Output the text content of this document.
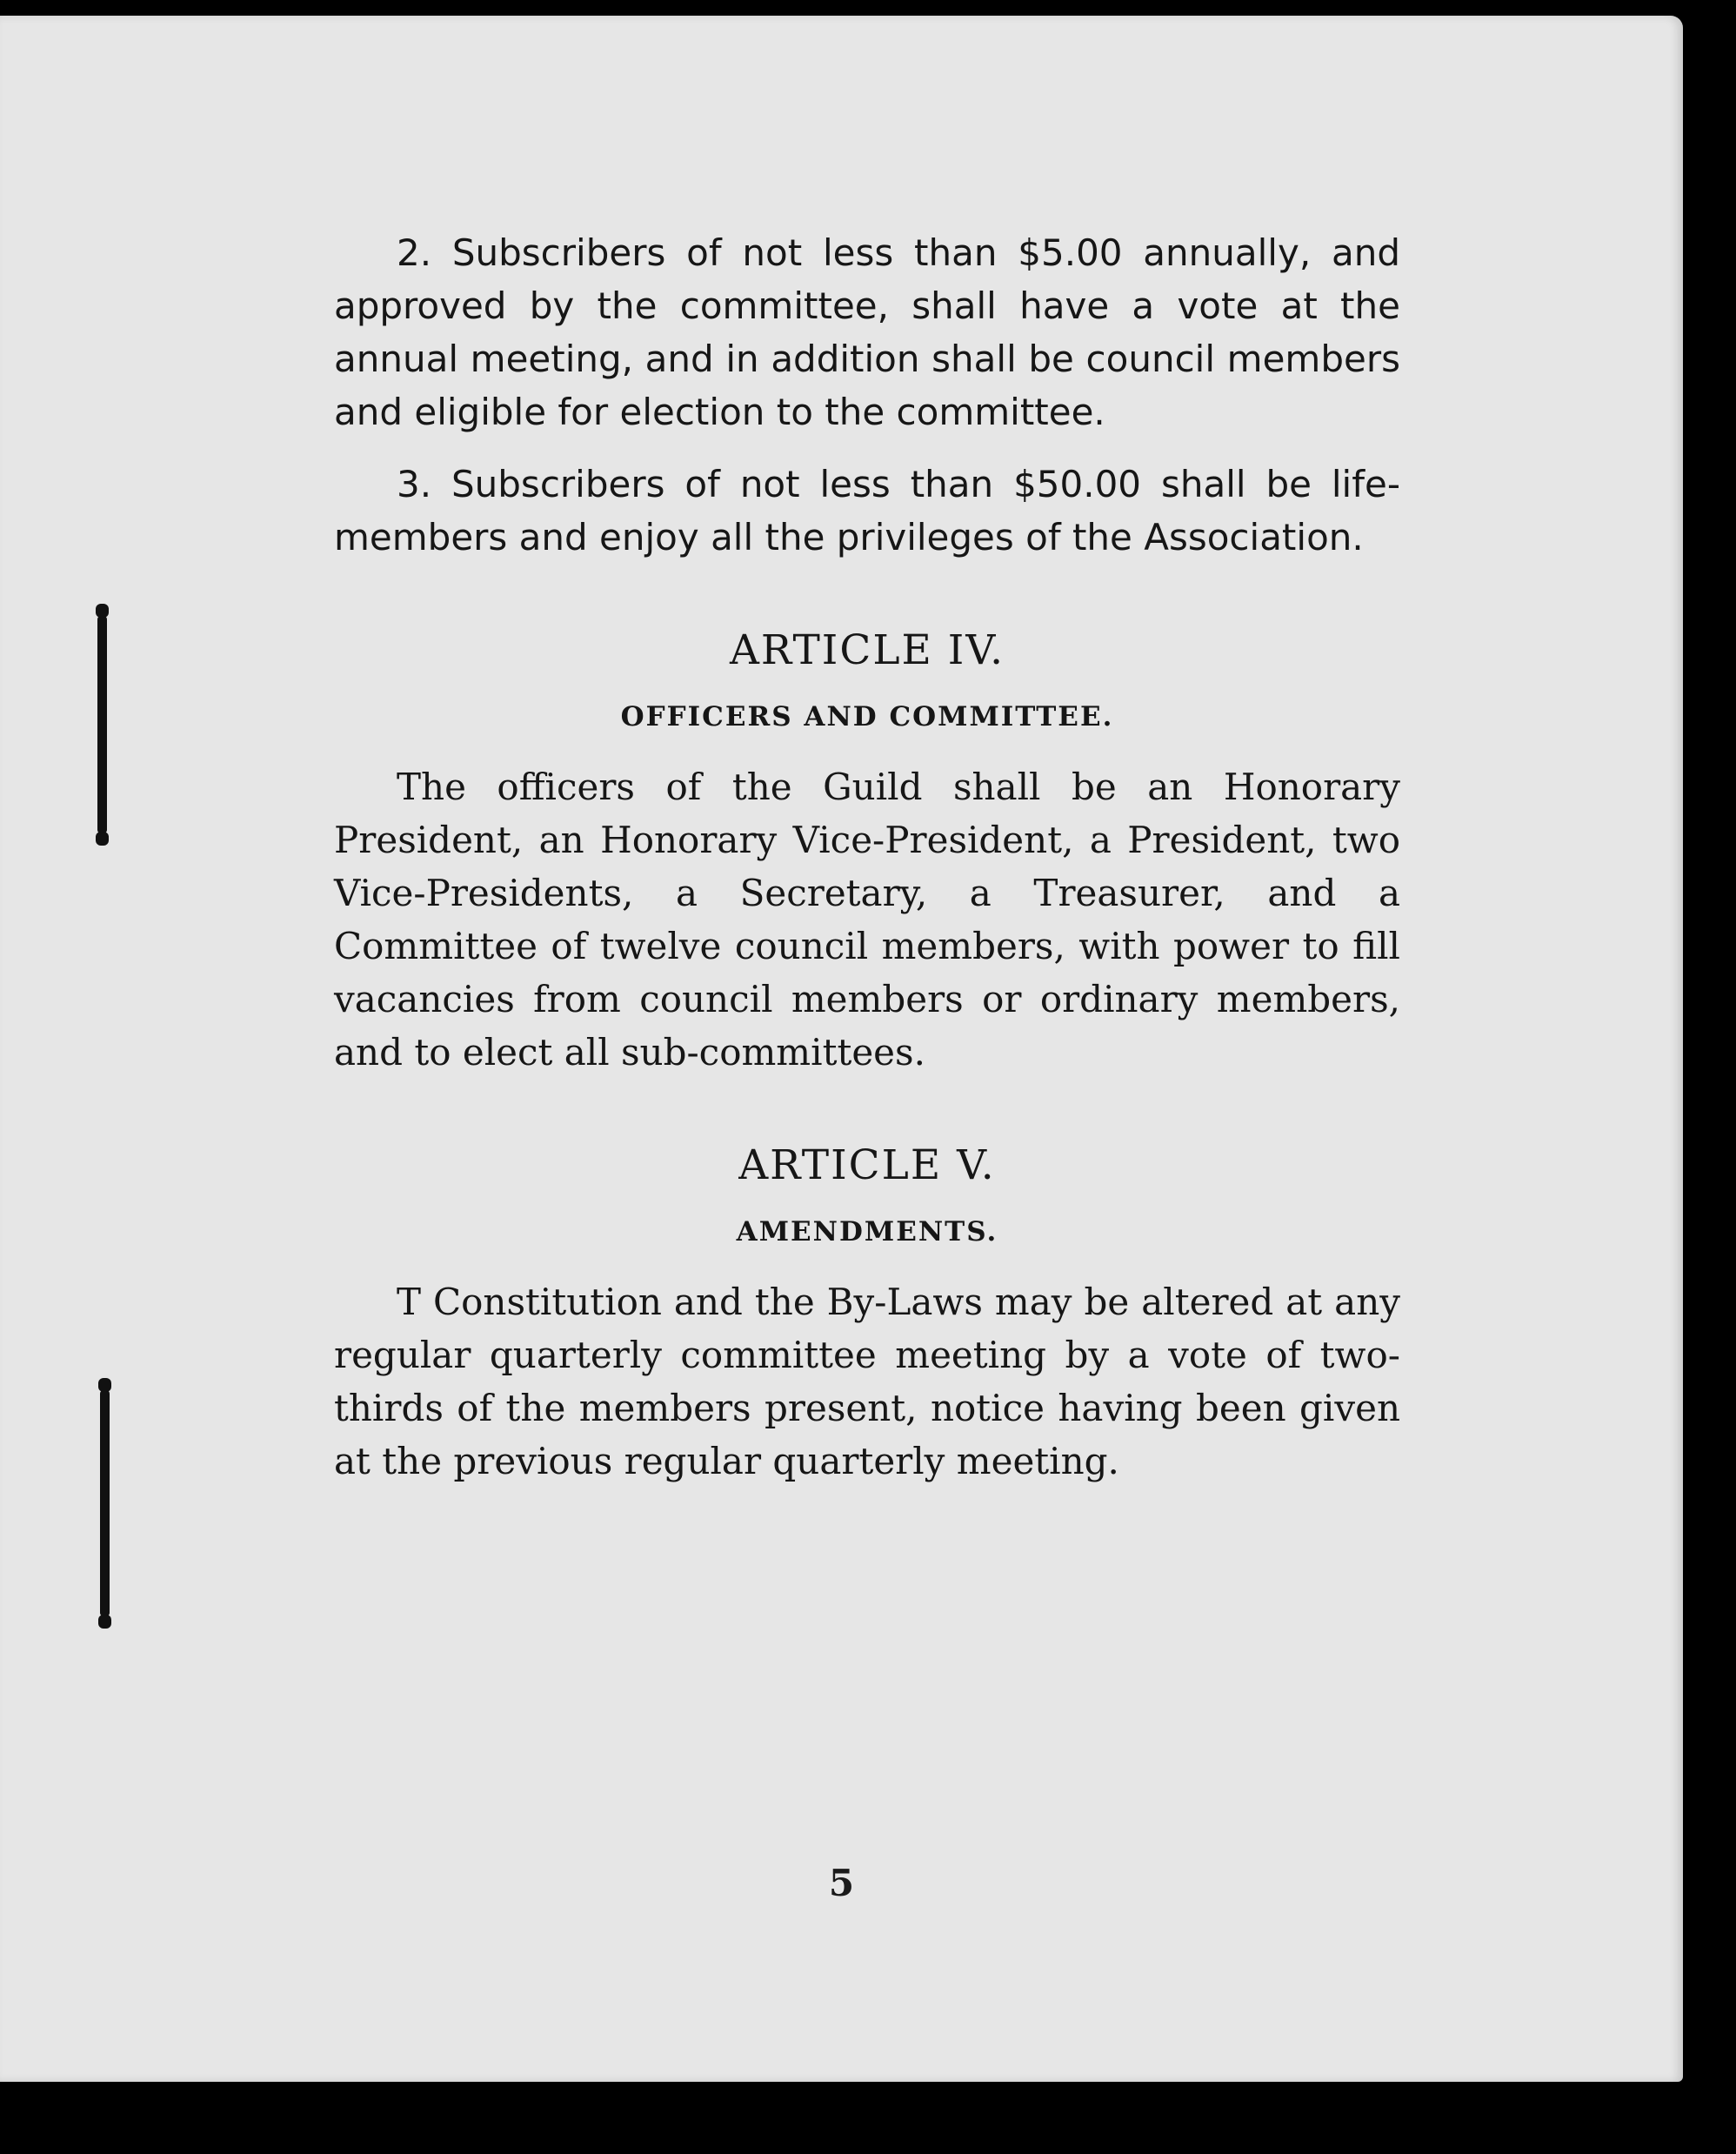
2. Subscribers of not less than $5.00 annually, and approved by the committee, shall have a vote at the annual meeting, and in addition shall be council members and eligible for election to the committee.

3. Subscribers of not less than $50.00 shall be life-members and enjoy all the privileges of the Association.

ARTICLE IV.
OFFICERS AND COMMITTEE.

The officers of the Guild shall be an Honorary President, an Honorary Vice-President, a President, two Vice-Presidents, a Secretary, a Treasurer, and a Committee of twelve council members, with power to fill vacancies from council members or ordinary members, and to elect all sub-committees.

ARTICLE V.
AMENDMENTS.

T Constitution and the By-Laws may be altered at any regular quarterly committee meeting by a vote of two-thirds of the members present, notice having been given at the previous regular quarterly meeting.

5
